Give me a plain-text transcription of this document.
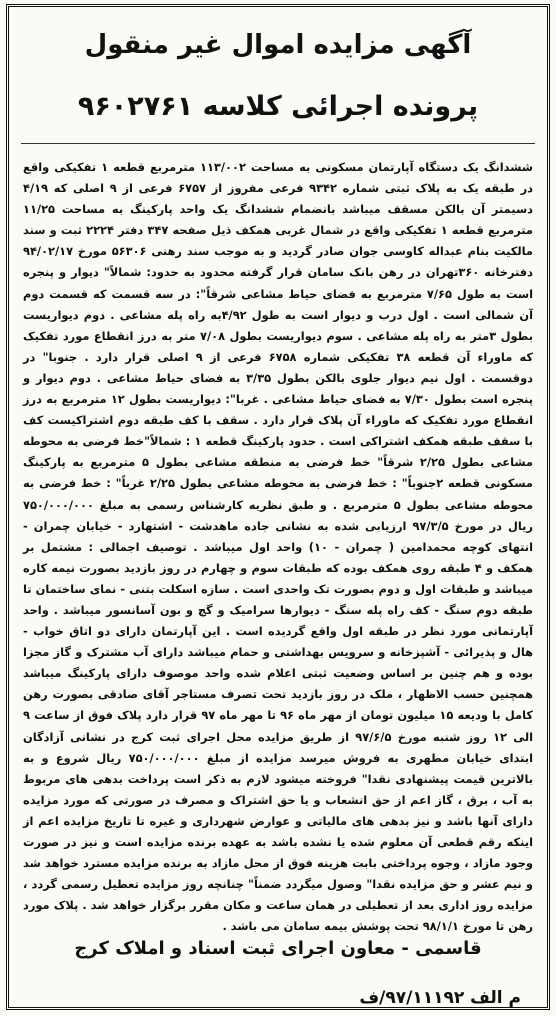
آگهی مزایده اموال غیر منقول
پرونده اجرائی کلاسه ۹۶۰۲۷۶۱
ششدانگ یک دستگاه آپارتمان مسکونی به مساحت ۱۱۳/۰۰۲ مترمربع قطعه ۱ تفکیکی واقع در طبقه یک به پلاک ثبتی شماره ۹۳۴۲ فرعی مفروز از ۶۷۵۷ فرعی از ۹ اصلی که ۴/۱۹ دسیمتر آن بالکن مسقف میباشد بانضمام ششدانگ یک واحد پارکینگ به مساحت ۱۱/۲۵ مترمربع قطعه ۱ تفکیکی واقع در شمال غربی همکف ذیل صفحه ۳۴۷ دفتر ۲۲۲۴ ثبت و سند مالکیت بنام عبداله کاوسی جوان صادر گردید و به موجب سند رهنی ۵۶۳۰۶ مورخ ۹۴/۰۲/۱۷ دفترخانه ۳۶۰تهران در رهن بانک سامان قرار گرفته محدود به حدود: شمالاً" دیوار و پنجره است به طول ۷/۶۵ مترمربع به فضای حیاط مشاعی شرقاً": در سه قسمت که قسمت دوم آن شمالی است . اول درب و دیوار است به طول ۴/۹۲به راه پله مشاعی . دوم دیواریست بطول ۳متر به راه پله مشاعی . سوم دیواریست بطول ۷/۰۸ متر به درز انقطاع مورد تفکیک که ماوراء آن قطعه ۳۸ تفکیکی شماره ۶۷۵۸ فرعی از ۹ اصلی قرار دارد . جنوبا" در دوقسمت . اول نیم دیوار جلوی بالکن بطول ۳/۳۵ به فضای حیاط مشاعی . دوم دیوار و پنجره است بطول ۷/۳۰ به فضای حیاط مشاعی . غربا": دیواریست بطول ۱۲ مترمربع به درز انقطاع مورد تفکیک که ماوراء آن پلاک قرار دارد . سقف با کف طبقه دوم اشتراکیست کف با سقف طبقه همکف اشتراکی است . حدود پارکینگ قطعه ۱ : شمالاً"خط فرضی به محوطه مشاعی بطول ۲/۲۵ شرقاً" خط فرضی به منطقه مشاعی بطول ۵ مترمربع به پارکینگ مسکونی قطعه ۲جنوباً" : خط فرضی به محوطه مشاعی بطول ۲/۲۵ غرباً" : خط فرضی به محوطه مشاعی بطول ۵ مترمربع . و طبق نظریه کارشناس رسمی به مبلغ ۷۵۰/۰۰۰/۰۰۰ ریال در مورخ ۹۷/۳/۵ ارزیابی شده به نشانی جاده ماهدشت - اشتهارد - خیابان چمران - انتهای کوچه محمدامین ( چمران - ۱۰) واحد اول میباشد . توصیف اجمالی : مشتمل بر همکف و ۴ طبقه روی همکف بوده که طبقات سوم و چهارم در روز بازدید بصورت نیمه کاره میباشد و طبقات اول و دوم بصورت تک واحدی است . سازه اسکلت بتنی - نمای ساختمان تا طبقه دوم سنگ - کف راه پله سنگ - دیوارها سرامیک و گچ و بون آسانسور میباشد . واحد آپارتمانی مورد نظر در طبقه اول واقع گردیده است . این آپارتمان دارای دو اتاق خواب - هال و پذیرائی - آشپزخانه و سرویس بهداشتی و حمام میباشد دارای آب مشترک و گاز مجزا بوده و هم چنین بر اساس وضعیت ثبتی اعلام شده واحد موصوف دارای پارکینگ میباشد همچنین حسب الاظهار ، ملک در روز بازدید تحت تصرف مستاجر آقای صادقی بصورت رهن کامل با ودیعه ۱۵ میلیون تومان از مهر ماه ۹۶ تا مهر ماه ۹۷ قرار دارد پلاک فوق از ساعت ۹ الی ۱۲ روز شنبه مورخ ۹۷/۶/۵ از طریق مزایده محل اجرای ثبت کرج در نشانی آزادگان ابتدای خیابان مطهری به فروش میرسد مزایده از مبلغ ۷۵۰/۰۰۰/۰۰۰ ریال شروع و به بالاترین قیمت پیشنهادی نقدا" فروخته میشود لازم به ذکر است پرداخت بدهی های مربوط به آب ، برق ، گاز اعم از حق انشعاب و یا حق اشتراک و مصرف در صورتی که مورد مزایده دارای آنها باشد و نیز بدهی های مالیاتی و عوارض شهرداری و غیره تا تاریخ مزایده اعم از اینکه رقم قطعی آن معلوم شده یا نشده باشد به عهده برنده مزایده است و نیز در صورت وجود مازاد ، وجوه پرداختی بابت هزینه فوق از محل مازاد به برنده مزایده مسترد خواهد شد و نیم عشر و حق مزایده نقدا" وصول میگردد ضمناً" چنانچه روز مزایده تعطیل رسمی گردد ، مزایده روز اداری بعد از تعطیلی در همان ساعت و مکان مقرر برگزار خواهد شد . پلاک مورد رهن تا مورخ ۹۸/۱/۱ تحت پوشش بیمه سامان می باشد .
قاسمی - معاون اجرای ثبت اسناد و املاک کرج
م الف ۹۷/۱۱۱۹۲/ف
